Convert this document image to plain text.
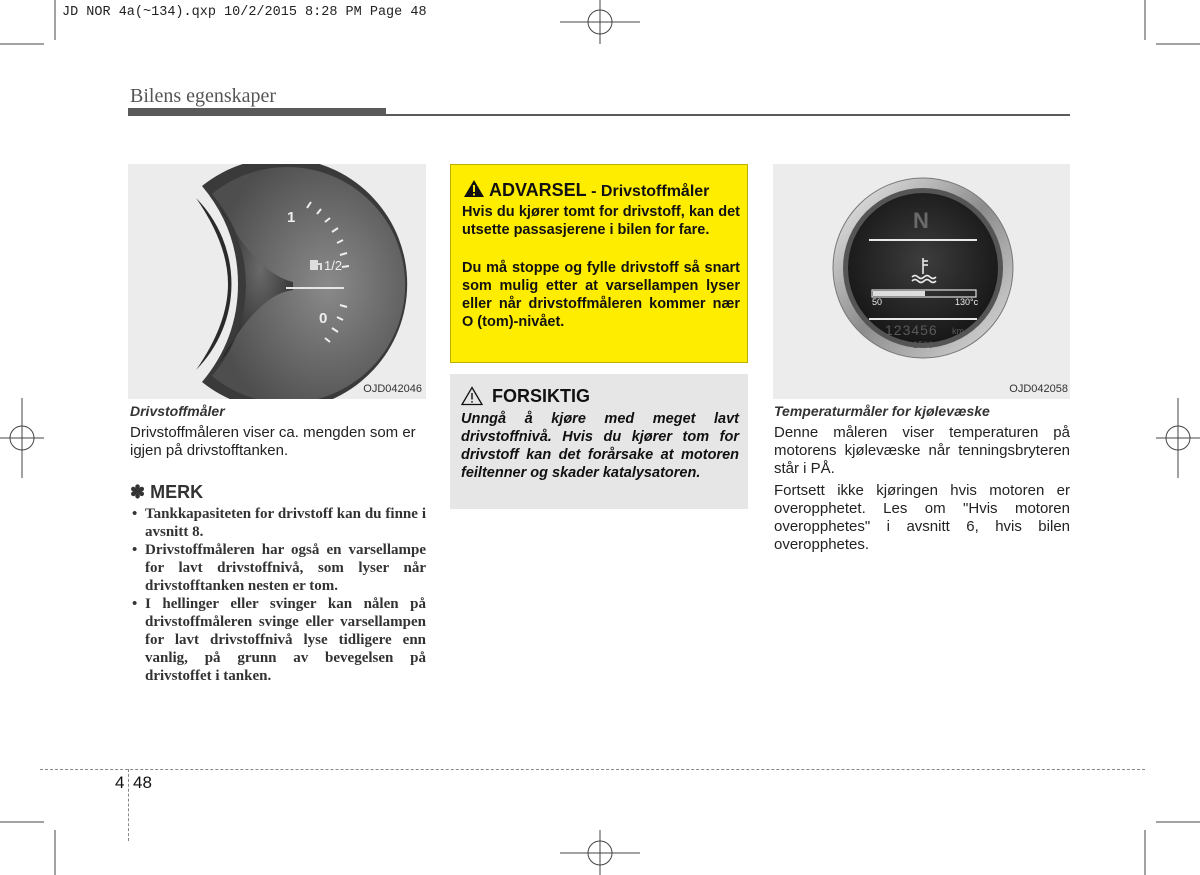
JD NOR 4a(~134).qxp 10/2/2015 8:28 PM Page 48
Bilens egenskaper
1
1/2
0
OJD042046
Drivstoffmåler
Drivstoffmåleren viser ca. mengden som er igjen på drivstofftanken.
✽ MERK
• Tankkapasiteten for drivstoff kan du finne i avsnitt 8.
• Drivstoffmåleren har også en varsellampe for lavt drivstoffnivå, som lyser når drivstofftanken nesten er tom.
• I hellinger eller svinger kan nålen på drivstoffmåleren svinge eller varsellampen for lavt drivstoffnivå lyse tidligere enn vanlig, på grunn av bevegelsen på drivstoffet i tanken.
ADVARSEL - Drivstoffmåler
Hvis du kjører tomt for drivstoff, kan det utsette passasjerene i bilen for fare.
Du må stoppe og fylle drivstoff så snart som mulig etter at varsellampen lyser eller når drivstoffmåleren kommer nær O (tom)-nivået.
FORSIKTIG
Unngå å kjøre med meget lavt drivstoffnivå. Hvis du kjører tom for drivstoff kan det forårsake at motoren feiltenner og skader katalysatoren.
N
50	130°c
123456 km
1500
OJD042058
Temperaturmåler for kjølevæske
Denne måleren viser temperaturen på motorens kjølevæske når tenningsbryteren står i PÅ.
Fortsett ikke kjøringen hvis motoren er overopphetet. Les om "Hvis motoren overopphetes" i avsnitt 6, hvis bilen overopphetes.
4 48
